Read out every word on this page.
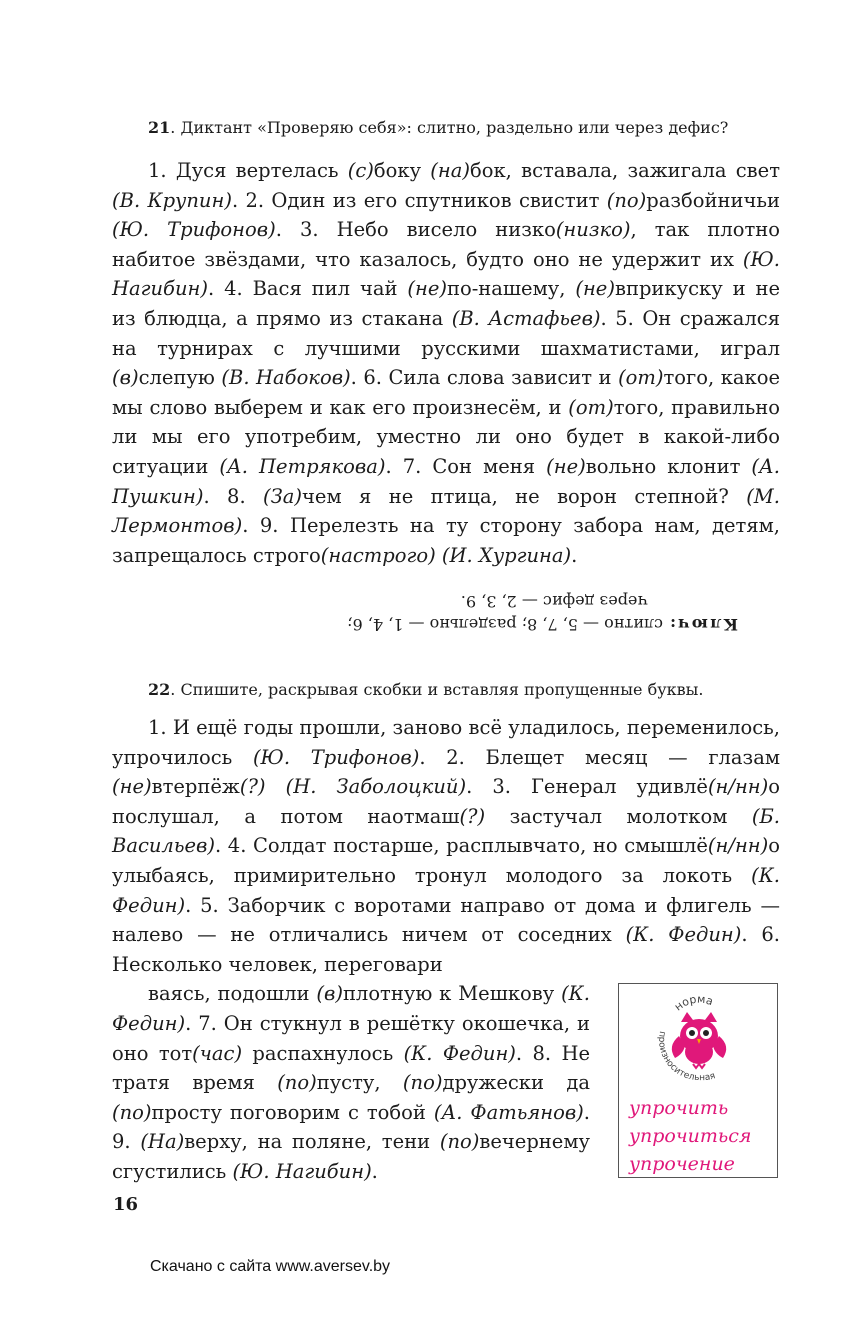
21. Диктант «Проверяю себя»: слитно, раздельно или через дефис?

1. Дуся вертелась (с)боку (на)бок, вставала, зажигала свет (В. Крупин). 2. Один из его спутников свистит (по)разбойничьи (Ю. Трифонов). 3. Небо висело низко(низко), так плотно набитое звёздами, что казалось, будто оно не удержит их (Ю. Нагибин). 4. Вася пил чай (не)по-нашему, (не)вприкуску и не из блюдца, а прямо из стакана (В. Астафьев). 5. Он сражался на турнирах с лучшими русскими шахматистами, играл (в)слепую (В. Набоков). 6. Сила слова зависит и (от)того, какое мы слово выберем и как его произнесём, и (от)того, правильно ли мы его употребим, уместно ли оно будет в какой-либо ситуации (А. Петрякова). 7. Сон меня (не)вольно клонит (А. Пушкин). 8. (За)чем я не птица, не ворон степной? (М. Лермонтов). 9. Перелезть на ту сторону забора нам, детям, запрещалось строго(настрого) (И. Хургина).

Ключ: слитно — 5, 7, 8; раздельно — 1, 4, 6;
через дефис — 2, 3, 9.
22. Спишите, раскрывая скобки и вставляя пропущенные буквы.

1. И ещё годы прошли, заново всё уладилось, переменилось, упрочилось (Ю. Трифонов). 2. Блещет месяц — глазам (не)втерпёж(?) (Н. Заболоцкий). 3. Генерал удивлё(н/нн)о послушал, а потом наотмаш(?) застучал молотком (Б. Васильев). 4. Солдат постарше, расплывчато, но смышлё(н/нн)о улыбаясь, примирительно тронул молодого за локоть (К. Федин). 5. Заборчик с воротами направо от дома и флигель — налево — не отличались ничем от соседних (К. Федин). 6. Несколько человек, переговари

ваясь, подошли (в)плотную к Мешкову (К. Федин). 7. Он стукнул в решётку окошечка, и оно тот(час) распахнулось (К. Федин). 8. Не тратя время (по)пусту, (по)дружески да (по)просту поговорим с тобой (А. Фатьянов). 9. (На)верху, на поляне, тени (по)вечернему сгустились (Ю. Нагибин).

норма
произносительная
упрочить
упрочиться
упрочение
16
Скачано с сайта www.aversev.by
